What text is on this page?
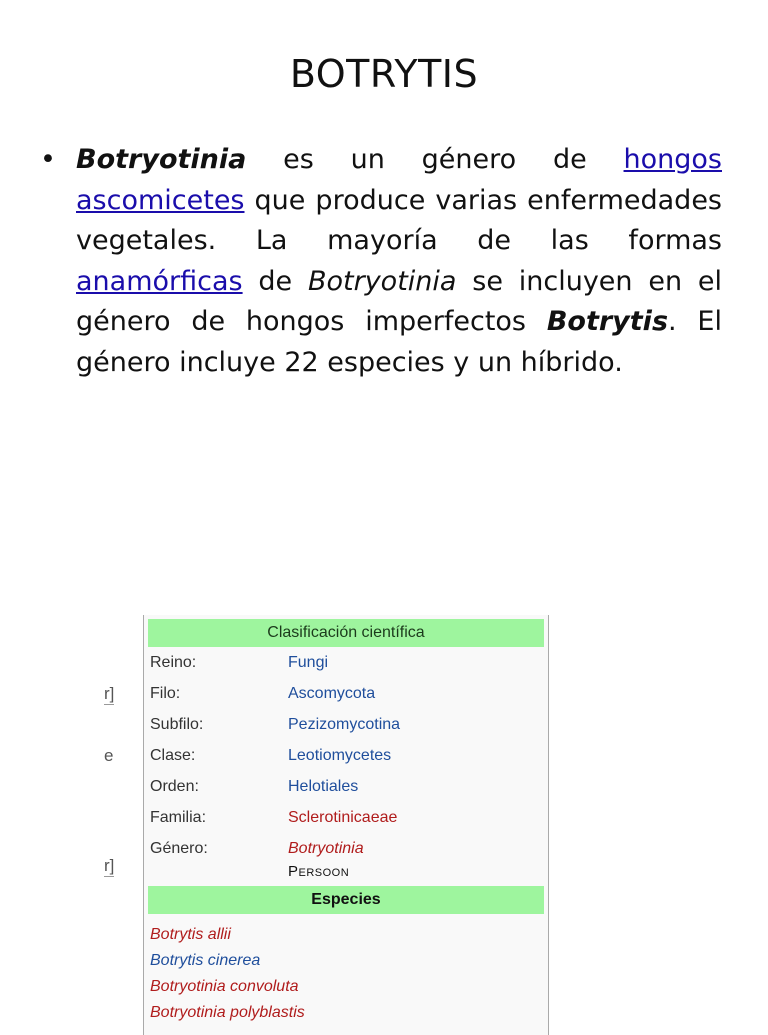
BOTRYTIS
• Botryotinia es un género de hongos ascomicetes que produce varias enfermedades vegetales. La mayoría de las formas anamórficas de Botryotinia se incluyen en el género de hongos imperfectos Botrytis. El género incluye 22 especies y un híbrido.
r]
e
r]
Clasificación científica
Reino:	Fungi
Filo:	Ascomycota
Subfilo:	Pezizomycotina
Clase:	Leotiomycetes
Orden:	Helotiales
Familia:	Sclerotinicaeae
Género:	Botryotinia
Persoon
Especies
Botrytis allii
Botrytis cinerea
Botryotinia convoluta
Botryotinia polyblastis
